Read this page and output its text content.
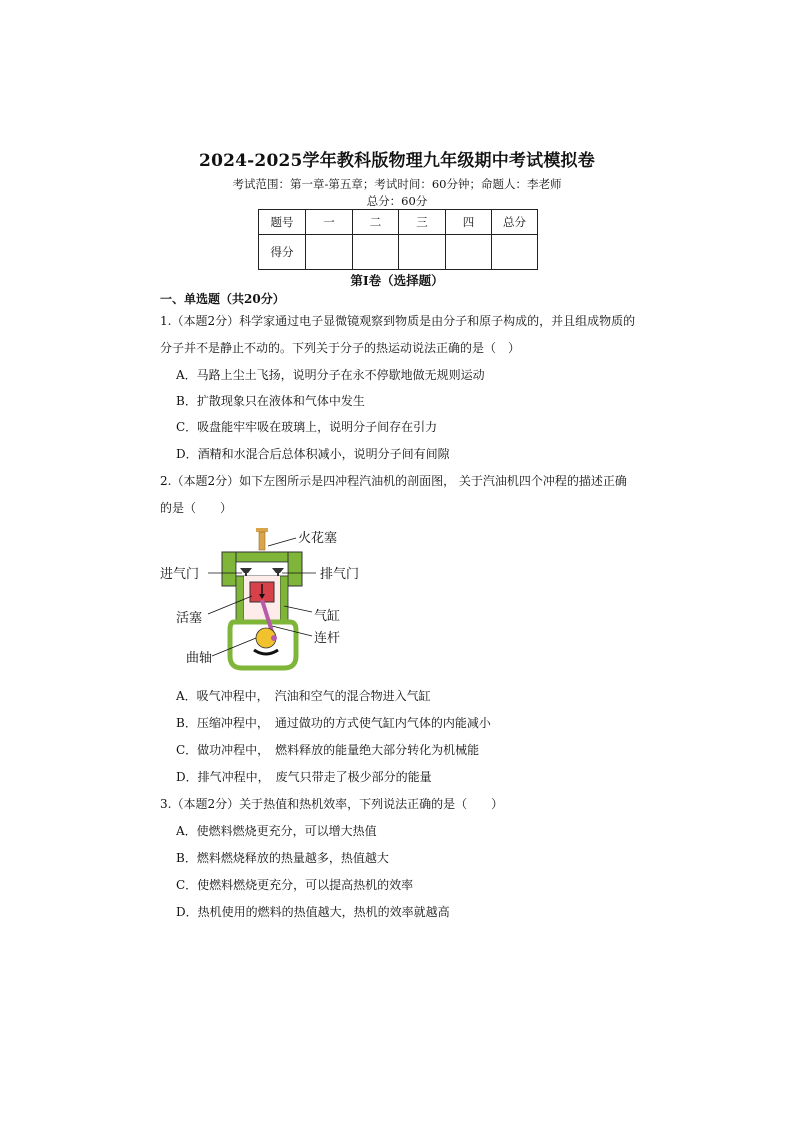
2024-2025学年教科版物理九年级期中考试模拟卷
考试范围：第一章-第五章；考试时间：60分钟；命题人：李老师
总分：60分
题号	一	二	三	四	总分
得分					
第I卷（选择题）
一、单选题（共20分）
1.（本题2分）科学家通过电子显微镜观察到物质是由分子和原子构成的，并且组成物质的
分子并不是静止不动的。下列关于分子的热运动说法正确的是（　）
A．马路上尘土飞扬，说明分子在永不停歇地做无规则运动
B．扩散现象只在液体和气体中发生
C．吸盘能牢牢吸在玻璃上，说明分子间存在引力
D．酒精和水混合后总体积减小，说明分子间有间隙
2.（本题2分）如下左图所示是四冲程汽油机的剖面图， 关于汽油机四个冲程的描述正确
的是（　　）
火花塞
进气门	排气门
活塞	气缸
连杆
曲轴
A．吸气冲程中，　汽油和空气的混合物进入气缸
B．压缩冲程中，　通过做功的方式使气缸内气体的内能减小
C．做功冲程中，　燃料释放的能量绝大部分转化为机械能
D．排气冲程中，　废气只带走了极少部分的能量
3.（本题2分）关于热值和热机效率，下列说法正确的是（　　）
A．使燃料燃烧更充分，可以增大热值
B．燃料燃烧释放的热量越多，热值越大
C．使燃料燃烧更充分，可以提高热机的效率
D．热机使用的燃料的热值越大，热机的效率就越高
